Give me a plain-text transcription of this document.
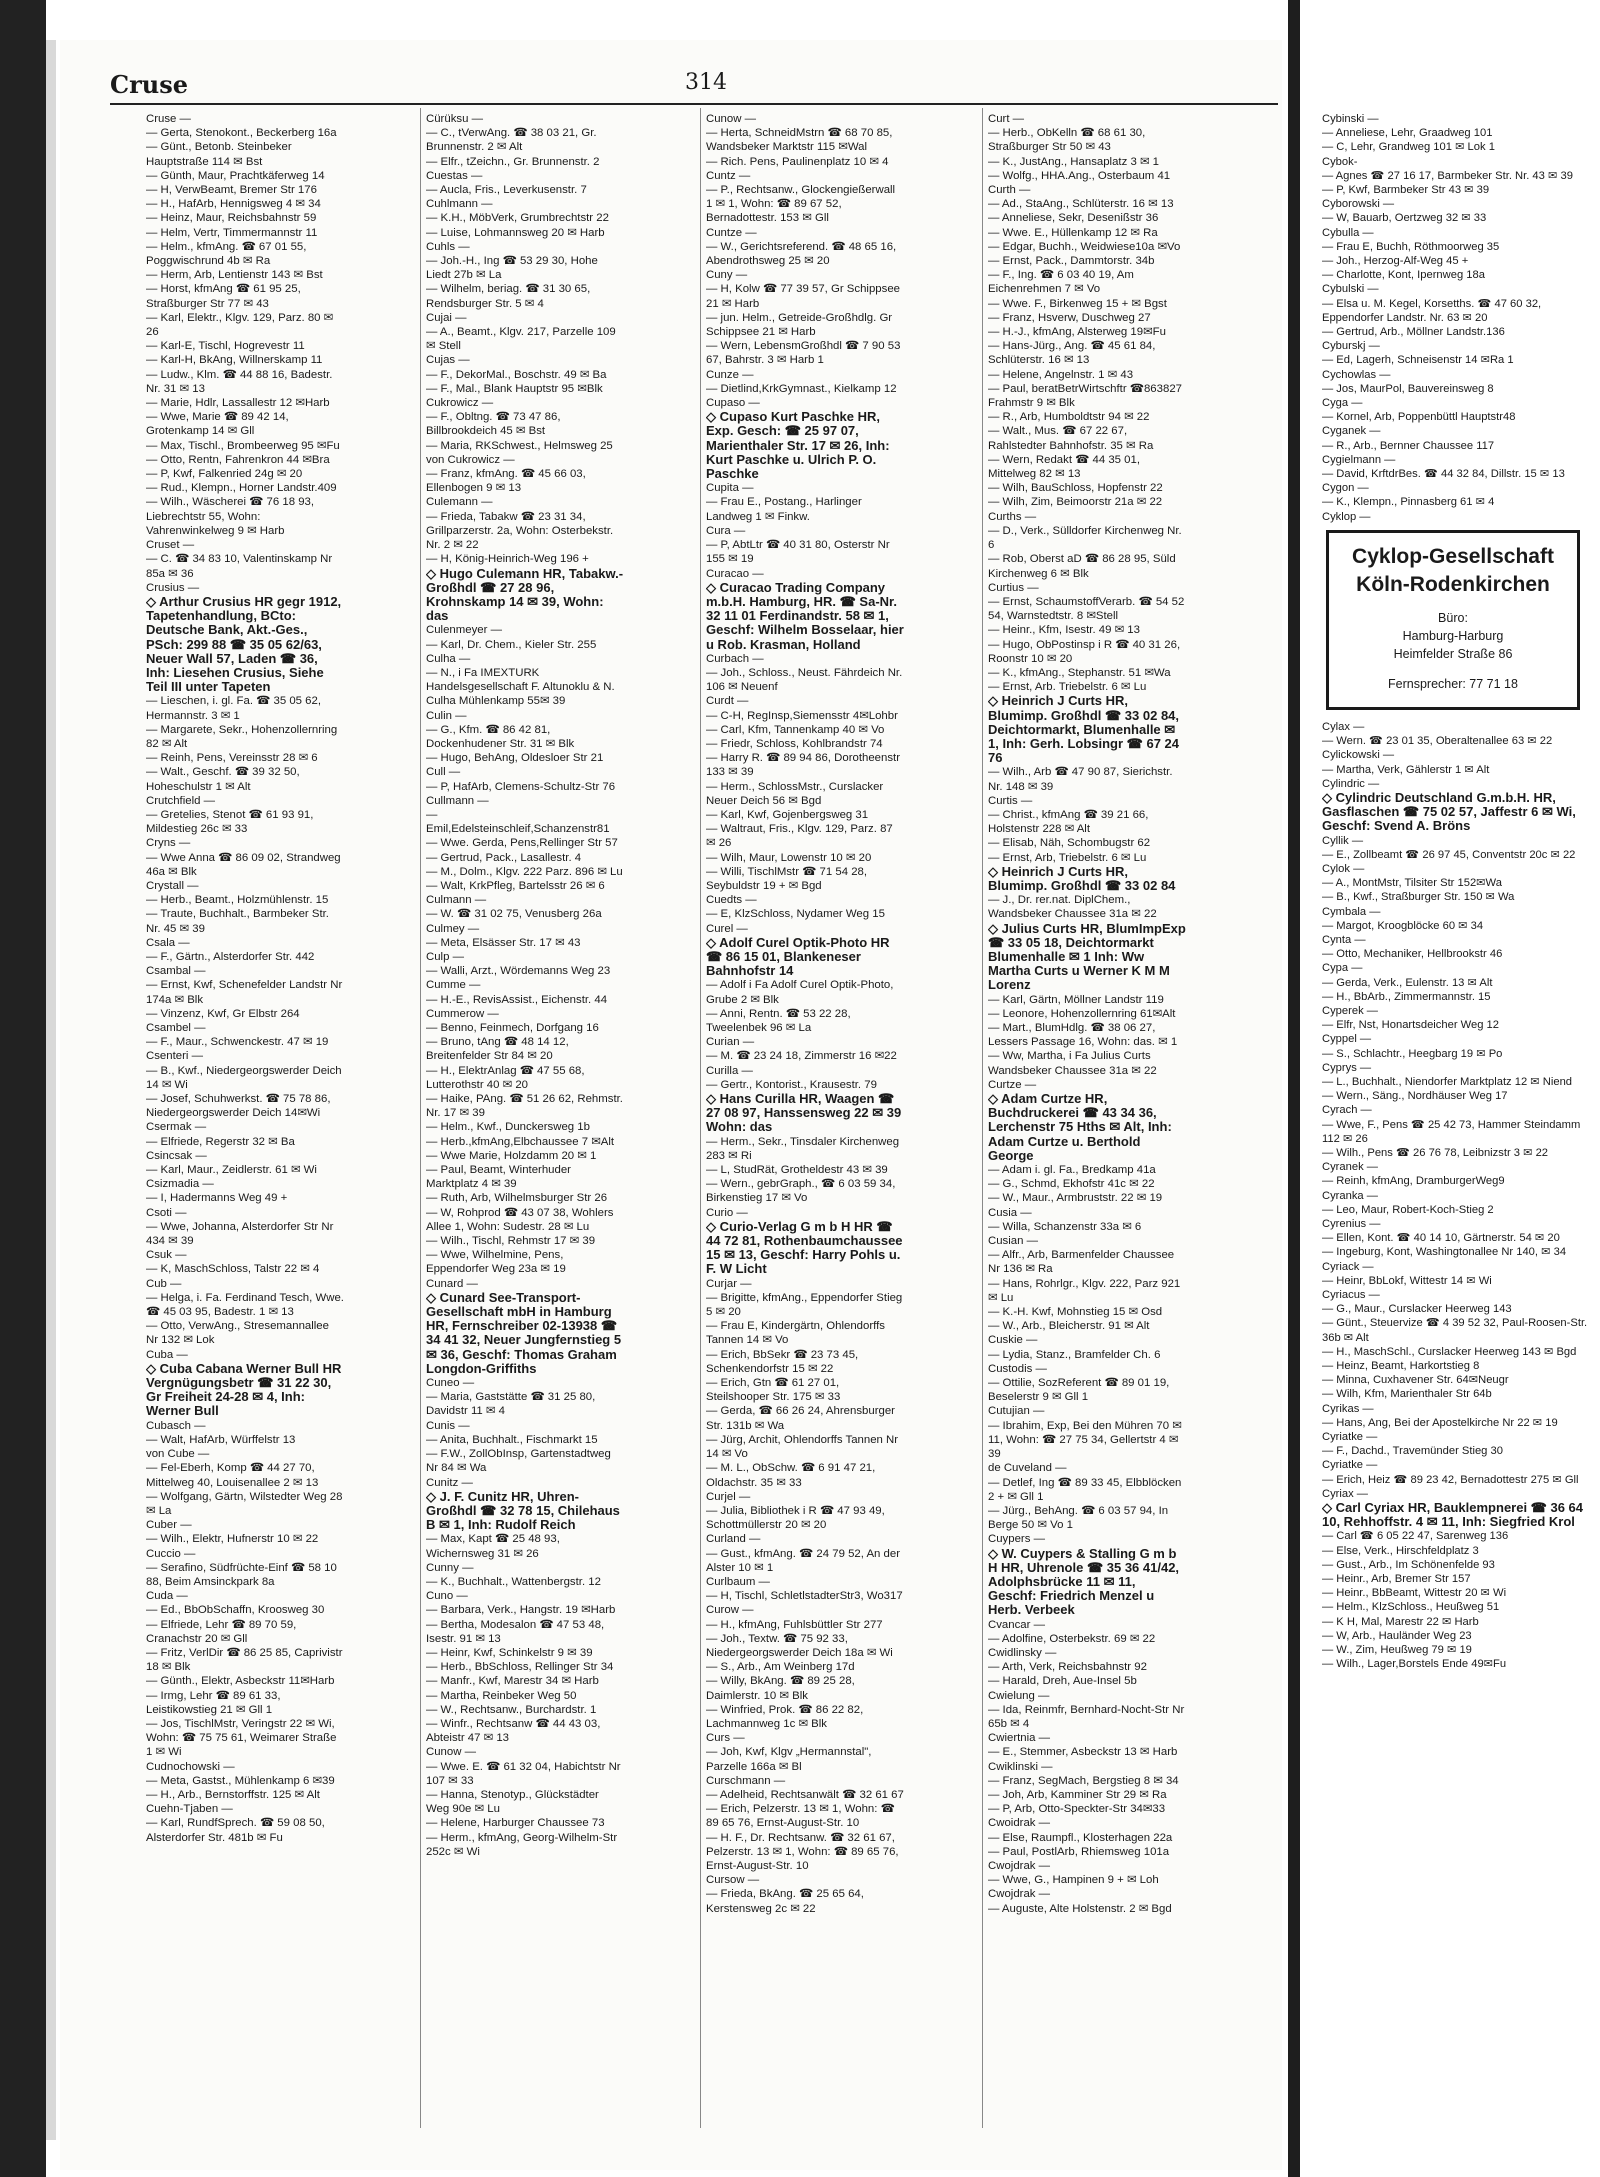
Cruse	314
Cruse —
— Gerta, Stenokont., Beckerberg 16a
— Günt., Betonb. Steinbeker Hauptstraße 114 ✉ Bst
— Günth, Maur, Prachtkäferweg 14
— H, VerwBeamt, Bremer Str 176
— H., HafArb, Hennigsweg 4 ✉ 34
— Heinz, Maur, Reichsbahnstr 59
— Helm, Vertr, Timmermannstr 11
— Helm., kfmAng. ☎ 67 01 55, Poggwischrund 4b ✉ Ra
— Herm, Arb, Lentienstr 143 ✉ Bst
— Horst, kfmAng ☎ 61 95 25, Straßburger Str 77 ✉ 43
— Karl, Elektr., Klgv. 129, Parz. 80 ✉ 26
— Karl-E, Tischl, Hogrevestr 11
— Karl-H, BkAng, Willnerskamp 11
— Ludw., Klm. ☎ 44 88 16, Badestr. Nr. 31 ✉ 13
— Marie, Hdlr, Lassallestr 12 ✉Harb
— Wwe, Marie ☎ 89 42 14, Grotenkamp 14 ✉ Gll
— Max, Tischl., Brombeerweg 95 ✉Fu
— Otto, Rentn, Fahrenkron 44 ✉Bra
— P, Kwf, Falkenried 24g ✉ 20
— Rud., Klempn., Horner Landstr.409
— Wilh., Wäscherei ☎ 76 18 93, Liebrechtstr 55, Wohn: Vahrenwinkelweg 9 ✉ Harb
Cruset —
— C. ☎ 34 83 10, Valentinskamp Nr 85a ✉ 36
Crusius —
◇ Arthur Crusius HR gegr 1912, Tapetenhandlung, BCto: Deutsche Bank, Akt.-Ges., PSch: 299 88 ☎ 35 05 62/63, Neuer Wall 57, Laden ☎ 36, Inh: Liesehen Crusius, Siehe Teil III unter Tapeten
— Lieschen, i. gl. Fa. ☎ 35 05 62, Hermannstr. 3 ✉ 1
— Margarete, Sekr., Hohenzollernring 82 ✉ Alt
— Reinh, Pens, Vereinsstr 28 ✉ 6
— Walt., Geschf. ☎ 39 32 50, Hoheschulstr 1 ✉ Alt
Crutchfield —
— Gretelies, Stenot ☎ 61 93 91, Mildestieg 26c ✉ 33
Cryns —
— Wwe Anna ☎ 86 09 02, Strandweg 46a ✉ Blk
Crystall —
— Herb., Beamt., Holzmühlenstr. 15
— Traute, Buchhalt., Barmbeker Str. Nr. 45 ✉ 39
Csala —
— F., Gärtn., Alsterdorfer Str. 442
Csambal —
— Ernst, Kwf, Schenefelder Landstr Nr 174a ✉ Blk
— Vinzenz, Kwf, Gr Elbstr 264
Csambel —
— F., Maur., Schwenckestr. 47 ✉ 19
Csenteri —
— B., Kwf., Niedergeorgswerder Deich 14 ✉ Wi
— Josef, Schuhwerkst. ☎ 75 78 86, Niedergeorgswerder Deich 14✉Wi
Csermak —
— Elfriede, Regerstr 32 ✉ Ba
Csincsak —
— Karl, Maur., Zeidlerstr. 61 ✉ Wi
Csizmadia —
— I, Hadermanns Weg 49 +
Csoti —
— Wwe, Johanna, Alsterdorfer Str Nr 434 ✉ 39
Csuk —
— K, MaschSchloss, Talstr 22 ✉ 4
Cub —
— Helga, i. Fa. Ferdinand Tesch, Wwe. ☎ 45 03 95, Badestr. 1 ✉ 13
— Otto, VerwAng., Stresemannallee Nr 132 ✉ Lok
Cuba —
◇ Cuba Cabana Werner Bull HR Vergnügungsbetr ☎ 31 22 30, Gr Freiheit 24-28 ✉ 4, Inh: Werner Bull
Cubasch —
— Walt, HafArb, Würffelstr 13
von Cube —
— Fel-Eberh, Komp ☎ 44 27 70, Mittelweg 40, Louisenallee 2 ✉ 13
— Wolfgang, Gärtn, Wilstedter Weg 28 ✉ La
Cuber —
— Wilh., Elektr, Hufnerstr 10 ✉ 22
Cuccio —
— Serafino, Südfrüchte-Einf ☎ 58 10 88, Beim Amsinckpark 8a
Cuda —
— Ed., BbObSchaffn, Kroosweg 30
— Elfriede, Lehr ☎ 89 70 59, Cranachstr 20 ✉ Gll
— Fritz, VerlDir ☎ 86 25 85, Caprivistr 18 ✉ Blk
— Günth., Elektr, Asbeckstr 11✉Harb
— Irmg, Lehr ☎ 89 61 33, Leistikowstieg 21 ✉ Gll 1
— Jos, TischlMstr, Veringstr 22 ✉ Wi, Wohn: ☎ 75 75 61, Weimarer Straße 1 ✉ Wi
Cudnochowski —
— Meta, Gastst., Mühlenkamp 6 ✉39
— H., Arb., Bernstorffstr. 125 ✉ Alt
Cuehn-Tjaben —
— Karl, RundfSprech. ☎ 59 08 50, Alsterdorfer Str. 481b ✉ Fu
Cürüksu —
— C., tVerwAng. ☎ 38 03 21, Gr. Brunnenstr. 2 ✉ Alt
— Elfr., tZeichn., Gr. Brunnenstr. 2
Cuestas —
— Aucla, Fris., Leverkusenstr. 7
Cuhlmann —
— K.H., MöbVerk, Grumbrechtstr 22
— Luise, Lohmannsweg 20 ✉ Harb
Cuhls —
— Joh.-H., Ing ☎ 53 29 30, Hohe Liedt 27b ✉ La
— Wilhelm, beriag. ☎ 31 30 65, Rendsburger Str. 5 ✉ 4
Cujai —
— A., Beamt., Klgv. 217, Parzelle 109 ✉ Stell
Cujas —
— F., DekorMal., Boschstr. 49 ✉ Ba
— F., Mal., Blank Hauptstr 95 ✉Blk
Cukrowicz —
— F., Obltng. ☎ 73 47 86, Billbrookdeich 45 ✉ Bst
— Maria, RKSchwest., Helmsweg 25
von Cukrowicz —
— Franz, kfmAng. ☎ 45 66 03, Ellenbogen 9 ✉ 13
Culemann —
— Frieda, Tabakw ☎ 23 31 34, Grillparzerstr. 2a, Wohn: Osterbekstr. Nr. 2 ✉ 22
— H, König-Heinrich-Weg 196 +
◇ Hugo Culemann HR, Tabakw.-Großhdl ☎ 27 28 96, Krohnskamp 14 ✉ 39, Wohn: das
Culenmeyer —
— Karl, Dr. Chem., Kieler Str. 255
Culha —
— N., i Fa IMEXTURK Handelsgesellschaft F. Altunoklu & N. Culha Mühlenkamp 55✉ 39
Culin —
— G., Kfm. ☎ 86 42 81, Dockenhudener Str. 31 ✉ Blk
— Hugo, BehAng, Oldesloer Str 21
Cull —
— P, HafArb, Clemens-Schultz-Str 76
Cullmann —
— Emil,Edelsteinschleif,Schanzenstr81
— Wwe. Gerda, Pens,Rellinger Str 57
— Gertrud, Pack., Lasallestr. 4
— M., Dolm., Klgv. 222 Parz. 896 ✉ Lu
— Walt, KrkPfleg, Bartelsstr 26 ✉ 6
Culmann —
— W. ☎ 31 02 75, Venusberg 26a
Culmey —
— Meta, Elsässer Str. 17 ✉ 43
Culp —
— Walli, Arzt., Wördemanns Weg 23
Cumme —
— H.-E., RevisAssist., Eichenstr. 44
Cummerow —
— Benno, Feinmech, Dorfgang 16
— Bruno, tAng ☎ 48 14 12, Breitenfelder Str 84 ✉ 20
— H., ElektrAnlag ☎ 47 55 68, Lutterothstr 40 ✉ 20
— Haike, PAng. ☎ 51 26 62, Rehmstr. Nr. 17 ✉ 39
— Helm., Kwf., Dunckersweg 1b
— Herb.,kfmAng,Elbchaussee 7 ✉Alt
— Wwe Marie, Holzdamm 20 ✉ 1
— Paul, Beamt, Winterhuder Marktplatz 4 ✉ 39
— Ruth, Arb, Wilhelmsburger Str 26
— W, Rohprod ☎ 43 07 38, Wohlers Allee 1, Wohn: Sudestr. 28 ✉ Lu
— Wilh., Tischl, Rehmstr 17 ✉ 39
— Wwe, Wilhelmine, Pens, Eppendorfer Weg 23a ✉ 19
Cunard —
◇ Cunard See-Transport-Gesellschaft mbH in Hamburg HR, Fernschreiber 02-13938 ☎ 34 41 32, Neuer Jungfernstieg 5 ✉ 36, Geschf: Thomas Graham Longdon-Griffiths
Cuneo —
— Maria, Gaststätte ☎ 31 25 80, Davidstr 11 ✉ 4
Cunis —
— Anita, Buchhalt., Fischmarkt 15
— F.W., ZollObInsp, Gartenstadtweg Nr 84 ✉ Wa
Cunitz —
◇ J. F. Cunitz HR, Uhren-Großhdl ☎ 32 78 15, Chilehaus B ✉ 1, Inh: Rudolf Reich
— Max, Kapt ☎ 25 48 93, Wichernsweg 31 ✉ 26
Cunny —
— K., Buchhalt., Wattenbergstr. 12
Cuno —
— Barbara, Verk., Hangstr. 19 ✉Harb
— Bertha, Modesalon ☎ 47 53 48, Isestr. 91 ✉ 13
— Heinr, Kwf, Schinkelstr 9 ✉ 39
— Herb., BbSchloss, Rellinger Str 34
— Manfr., Kwf, Marestr 34 ✉ Harb
— Martha, Reinbeker Weg 50
— W., Rechtsanw., Burchardstr. 1
— Winfr., Rechtsanw ☎ 44 43 03, Abteistr 47 ✉ 13
Cunow —
— Wwe. E. ☎ 61 32 04, Habichtstr Nr 107 ✉ 33
— Hanna, Stenotyp., Glückstädter Weg 90e ✉ Lu
— Helene, Harburger Chaussee 73
— Herm., kfmAng, Georg-Wilhelm-Str 252c ✉ Wi
Cunow —
— Herta, SchneidMstrn ☎ 68 70 85, Wandsbeker Marktstr 115 ✉Wal
— Rich. Pens, Paulinenplatz 10 ✉ 4
Cuntz —
— P., Rechtsanw., Glockengießerwall 1 ✉ 1, Wohn: ☎ 89 67 52, Bernadottestr. 153 ✉ Gll
Cuntze —
— W., Gerichtsreferend. ☎ 48 65 16, Abendrothsweg 25 ✉ 20
Cuny —
— H, Kolw ☎ 77 39 57, Gr Schippsee 21 ✉ Harb
— jun. Helm., Getreide-Großhdlg. Gr Schippsee 21 ✉ Harb
— Wern, LebensmGroßhdl ☎ 7 90 53 67, Bahrstr. 3 ✉ Harb 1
Cunze —
— Dietlind,KrkGymnast., Kielkamp 12
Cupaso —
◇ Cupaso Kurt Paschke HR, Exp. Gesch: ☎ 25 97 07, Marienthaler Str. 17 ✉ 26, Inh: Kurt Paschke u. Ulrich P. O. Paschke
Cupita —
— Frau E., Postang., Harlinger Landweg 1 ✉ Finkw.
Cura —
— P, AbtLtr ☎ 40 31 80, Osterstr Nr 155 ✉ 19
Curacao —
◇ Curacao Trading Company m.b.H. Hamburg, HR. ☎ Sa-Nr. 32 11 01 Ferdinandstr. 58 ✉ 1, Geschf: Wilhelm Bosselaar, hier u Rob. Krasman, Holland
Curbach —
— Joh., Schloss., Neust. Fährdeich Nr. 106 ✉ Neuenf
Curdt —
— C-H, RegInsp,Siemensstr 4✉Lohbr
— Carl, Kfm, Tannenkamp 40 ✉ Vo
— Friedr, Schloss, Kohlbrandstr 74
— Harry R. ☎ 89 94 86, Dorotheenstr 133 ✉ 39
— Herm., SchlossMstr., Curslacker Neuer Deich 56 ✉ Bgd
— Karl, Kwf, Gojenbergsweg 31
— Waltraut, Fris., Klgv. 129, Parz. 87 ✉ 26
— Wilh, Maur, Lowenstr 10 ✉ 20
— Willi, TischlMstr ☎ 71 54 28, Seybuldstr 19 + ✉ Bgd
Cuedts —
— E, KlzSchloss, Nydamer Weg 15
Curel —
◇ Adolf Curel Optik-Photo HR ☎ 86 15 01, Blankeneser Bahnhofstr 14
— Adolf i Fa Adolf Curel Optik-Photo, Grube 2 ✉ Blk
— Anni, Rentn. ☎ 53 22 28, Tweelenbek 96 ✉ La
Curian —
— M. ☎ 23 24 18, Zimmerstr 16 ✉22
Curilla —
— Gertr., Kontorist., Krausestr. 79
◇ Hans Curilla HR, Waagen ☎ 27 08 97, Hanssensweg 22 ✉ 39 Wohn: das
— Herm., Sekr., Tinsdaler Kirchenweg 283 ✉ Ri
— L, StudRät, Grotheldestr 43 ✉ 39
— Wern., gebrGraph., ☎ 6 03 59 34, Birkenstieg 17 ✉ Vo
Curio —
◇ Curio-Verlag G m b H HR ☎ 44 72 81, Rothenbaumchaussee 15 ✉ 13, Geschf: Harry Pohls u. F. W Licht
Curjar —
— Brigitte, kfmAng., Eppendorfer Stieg 5 ✉ 20
— Frau E, Kindergärtn, Ohlendorffs Tannen 14 ✉ Vo
— Erich, BbSekr ☎ 23 73 45, Schenkendorfstr 15 ✉ 22
— Erich, Gtn ☎ 61 27 01, Steilshooper Str. 175 ✉ 33
— Gerda, ☎ 66 26 24, Ahrensburger Str. 131b ✉ Wa
— Jürg, Archit, Ohlendorffs Tannen Nr 14 ✉ Vo
— M. L., ObSchw. ☎ 6 91 47 21, Oldachstr. 35 ✉ 33
Curjel —
— Julia, Bibliothek i R ☎ 47 93 49, Schottmüllerstr 20 ✉ 20
Curland —
— Gust., kfmAng. ☎ 24 79 52, An der Alster 10 ✉ 1
Curlbaum —
— H, Tischl, SchletlstadterStr3, Wo317
Curow —
— H., kfmAng, Fuhlsbüttler Str 277
— Joh., Textw. ☎ 75 92 33, Niedergeorgswerder Deich 18a ✉ Wi
— S., Arb., Am Weinberg 17d
— Willy, BkAng. ☎ 89 25 28, Daimlerstr. 10 ✉ Blk
— Winfried, Prok. ☎ 86 22 82, Lachmannweg 1c ✉ Blk
Curs —
— Joh, Kwf, Klgv „Hermannstal", Parzelle 166a ✉ Bl
Curschmann —
— Adelheid, Rechtsanwält ☎ 32 61 67
— Erich, Pelzerstr. 13 ✉ 1, Wohn: ☎ 89 65 76, Ernst-August-Str. 10
— H. F., Dr. Rechtsanw. ☎ 32 61 67, Pelzerstr. 13 ✉ 1, Wohn: ☎ 89 65 76, Ernst-August-Str. 10
Cursow —
— Frieda, BkAng. ☎ 25 65 64, Kerstensweg 2c ✉ 22
Curt —
— Herb., ObKelln ☎ 68 61 30, Straßburger Str 50 ✉ 43
— K., JustAng., Hansaplatz 3 ✉ 1
— Wolfg., HHA.Ang., Osterbaum 41
Curth —
— Ad., StaAng., Schlüterstr. 16 ✉ 13
— Anneliese, Sekr, Desenißstr 36
— Wwe. E., Hüllenkamp 12 ✉ Ra
— Edgar, Buchh., Weidwiese10a ✉Vo
— Ernst, Pack., Dammtorstr. 34b
— F., Ing. ☎ 6 03 40 19, Am Eichenrehmen 7 ✉ Vo
— Wwe. F., Birkenweg 15 + ✉ Bgst
— Franz, Hsverw, Duschweg 27
— H.-J., kfmAng, Alsterweg 19✉Fu
— Hans-Jürg., Ang. ☎ 45 61 84, Schlüterstr. 16 ✉ 13
— Helene, Angelnstr. 1 ✉ 43
— Paul, beratBetrWirtschftr ☎863827 Frahmstr 9 ✉ Blk
— R., Arb, Humboldtstr 94 ✉ 22
— Walt., Mus. ☎ 67 22 67, Rahlstedter Bahnhofstr. 35 ✉ Ra
— Wern, Redakt ☎ 44 35 01, Mittelweg 82 ✉ 13
— Wilh, BauSchloss, Hopfenstr 22
— Wilh, Zim, Beimoorstr 21a ✉ 22
Curths —
— D., Verk., Sülldorfer Kirchenweg Nr. 6
— Rob, Oberst aD ☎ 86 28 95, Süld Kirchenweg 6 ✉ Blk
Curtius —
— Ernst, SchaumstoffVerarb. ☎ 54 52 54, Warnstedtstr. 8 ✉Stell
— Heinr., Kfm, Isestr. 49 ✉ 13
— Hugo, ObPostinsp i R ☎ 40 31 26, Roonstr 10 ✉ 20
— K., kfmAng., Stephanstr. 51 ✉Wa
— Ernst, Arb. Triebelstr. 6 ✉ Lu
◇ Heinrich J Curts HR, Blumimp. Großhdl ☎ 33 02 84, Deichtormarkt, Blumenhalle ✉ 1, Inh: Gerh. Lobsingr ☎ 67 24 76
— Wilh., Arb ☎ 47 90 87, Sierichstr. Nr. 148 ✉ 39
Curtis —
— Christ., kfmAng ☎ 39 21 66, Holstenstr 228 ✉ Alt
— Elisab, Näh, Schombugstr 62
— Ernst, Arb, Triebelstr. 6 ✉ Lu
◇ Heinrich J Curts HR, Blumimp. Großhdl ☎ 33 02 84
— J., Dr. rer.nat. DiplChem., Wandsbeker Chaussee 31a ✉ 22
◇ Julius Curts HR, BlumImpExp ☎ 33 05 18, Deichtormarkt Blumenhalle ✉ 1 Inh: Ww Martha Curts u Werner K M M Lorenz
— Karl, Gärtn, Möllner Landstr 119
— Leonore, Hohenzollernring 61✉Alt
— Mart., BlumHdlg. ☎ 38 06 27, Lessers Passage 16, Wohn: das. ✉ 1
— Ww, Martha, i Fa Julius Curts Wandsbeker Chaussee 31a ✉ 22
Curtze —
◇ Adam Curtze HR, Buchdruckerei ☎ 43 34 36, Lerchenstr 75 Hths ✉ Alt, Inh: Adam Curtze u. Berthold George
— Adam i. gl. Fa., Bredkamp 41a
— G., Schmd, Ekhofstr 41c ✉ 22
— W., Maur., Armbruststr. 22 ✉ 19
Cusia —
— Willa, Schanzenstr 33a ✉ 6
Cusian —
— Alfr., Arb, Barmenfelder Chaussee Nr 136 ✉ Ra
— Hans, Rohrlgr., Klgv. 222, Parz 921 ✉ Lu
— K.-H. Kwf, Mohnstieg 15 ✉ Osd
— W., Arb., Bleicherstr. 91 ✉ Alt
Cuskie —
— Lydia, Stanz., Bramfelder Ch. 6
Custodis —
— Ottilie, SozReferent ☎ 89 01 19, Beselerstr 9 ✉ Gll 1
Cutujian —
— Ibrahim, Exp, Bei den Mühren 70 ✉ 11, Wohn: ☎ 27 75 34, Gellertstr 4 ✉ 39
de Cuveland —
— Detlef, Ing ☎ 89 33 45, Elbblöcken 2 + ✉ Gll 1
— Jürg., BehAng. ☎ 6 03 57 94, In Berge 50 ✉ Vo 1
Cuypers —
◇ W. Cuypers & Stalling G m b H HR, Uhrenole ☎ 35 36 41/42, Adolphsbrücke 11 ✉ 11, Geschf: Friedrich Menzel u Herb. Verbeek
Cvancar —
— Adolfine, Osterbekstr. 69 ✉ 22
Cwidlinsky —
— Arth, Verk, Reichsbahnstr 92
— Harald, Dreh, Aue-Insel 5b
Cwielung —
— Ida, Reinmfr, Bernhard-Nocht-Str Nr 65b ✉ 4
Cwiertnia —
— E., Stemmer, Asbeckstr 13 ✉ Harb
Cwiklinski —
— Franz, SegMach, Bergstieg 8 ✉ 34
— Joh, Arb, Kamminer Str 29 ✉ Ra
— P, Arb, Otto-Speckter-Str 34✉33
Cwoidrak —
— Else, Raumpfl., Klosterhagen 22a
— Paul, PostlArb, Rhiemsweg 101a
Cwojdrak —
— Wwe, G., Hampinen 9 + ✉ Loh
Cwojdrak —
— Auguste, Alte Holstenstr. 2 ✉ Bgd
Cybinski —
— Anneliese, Lehr, Graadweg 101
— C, Lehr, Grandweg 101 ✉ Lok 1
Cybok-
— Agnes ☎ 27 16 17, Barmbeker Str. Nr. 43 ✉ 39
— P, Kwf, Barmbeker Str 43 ✉ 39
Cyborowski —
— W, Bauarb, Oertzweg 32 ✉ 33
Cybulla —
— Frau E, Buchh, Röthmoorweg 35
— Joh., Herzog-Alf-Weg 45 +
— Charlotte, Kont, Ipernweg 18a
Cybulski —
— Elsa u. M. Kegel, Korsetths. ☎ 47 60 32, Eppendorfer Landstr. Nr. 63 ✉ 20
— Gertrud, Arb., Möllner Landstr.136
Cyburskj —
— Ed, Lagerh, Schneisenstr 14 ✉Ra 1
Cychowlas —
— Jos, MaurPol, Bauvereinsweg 8
Cyga —
— Kornel, Arb, Poppenbüttl Hauptstr48
Cyganek —
— R., Arb., Bernner Chaussee 117
Cygielmann —
— David, KrftdrBes. ☎ 44 32 84, Dillstr. 15 ✉ 13
Cygon —
— K., Klempn., Pinnasberg 61 ✉ 4
Cyklop —
Cyklop-Gesellschaft
Köln-Rodenkirchen
Büro:
Hamburg-Harburg
Heimfelder Straße 86
Fernsprecher: 77 71 18
Cylax —
— Wern. ☎ 23 01 35, Oberaltenallee 63 ✉ 22
Cylickowski —
— Martha, Verk, Gählerstr 1 ✉ Alt
Cylindric —
◇ Cylindric Deutschland G.m.b.H. HR, Gasflaschen ☎ 75 02 57, Jaffestr 6 ✉ Wi, Geschf: Svend A. Bröns
Cyllik —
— E., Zollbeamt ☎ 26 97 45, Conventstr 20c ✉ 22
Cylok —
— A., MontMstr, Tilsiter Str 152✉Wa
— B., Kwf., Straßburger Str. 150 ✉ Wa
Cymbala —
— Margot, Kroogblöcke 60 ✉ 34
Cynta —
— Otto, Mechaniker, Hellbrookstr 46
Cypa —
— Gerda, Verk., Eulenstr. 13 ✉ Alt
— H., BbArb., Zimmermannstr. 15
Cyperek —
— Elfr, Nst, Honartsdeicher Weg 12
Cyppel —
— S., Schlachtr., Heegbarg 19 ✉ Po
Cyprys —
— L., Buchhalt., Niendorfer Marktplatz 12 ✉ Niend
— Wern., Säng., Nordhäuser Weg 17
Cyrach —
— Wwe, F., Pens ☎ 25 42 73, Hammer Steindamm 112 ✉ 26
— Wilh., Pens ☎ 26 76 78, Leibnizstr 3 ✉ 22
Cyranek —
— Reinh, kfmAng, DramburgerWeg9
Cyranka —
— Leo, Maur, Robert-Koch-Stieg 2
Cyrenius —
— Ellen, Kont. ☎ 40 14 10, Gärtnerstr. 54 ✉ 20
— Ingeburg, Kont, Washingtonallee Nr 140, ✉ 34
Cyriack —
— Heinr, BbLokf, Wittestr 14 ✉ Wi
Cyriacus —
— G., Maur., Curslacker Heerweg 143
— Günt., Steuervize ☎ 4 39 52 32, Paul-Roosen-Str. 36b ✉ Alt
— H., MaschSchl., Curslacker Heerweg 143 ✉ Bgd
— Heinz, Beamt, Harkortstieg 8
— Minna, Cuxhavener Str. 64✉Neugr
— Wilh, Kfm, Marienthaler Str 64b
Cyrikas —
— Hans, Ang, Bei der Apostelkirche Nr 22 ✉ 19
Cyriatke —
— F., Dachd., Travemünder Stieg 30
Cyriatke —
— Erich, Heiz ☎ 89 23 42, Bernadottestr 275 ✉ Gll
Cyriax —
◇ Carl Cyriax HR, Bauklempnerei ☎ 36 64 10, Rehhoffstr. 4 ✉ 11, Inh: Siegfried Krol
— Carl ☎ 6 05 22 47, Sarenweg 136
— Else, Verk., Hirschfeldplatz 3
— Gust., Arb., Im Schönenfelde 93
— Heinr., Arb, Bremer Str 157
— Heinr., BbBeamt, Wittestr 20 ✉ Wi
— Helm., KlzSchloss., Heußweg 51
— K H, Mal, Marestr 22 ✉ Harb
— W, Arb., Hauländer Weg 23
— W., Zim, Heußweg 79 ✉ 19
— Wilh., Lager,Borstels Ende 49✉Fu
